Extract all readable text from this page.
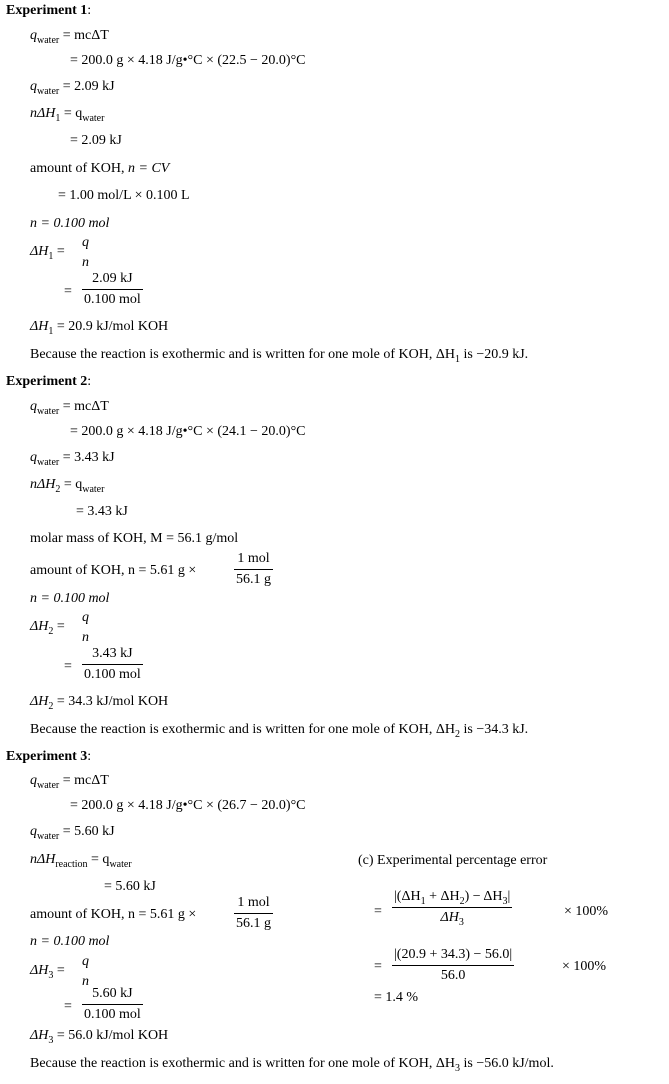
Experiment 1:
$q_{water} = mc\Delta T$
= 200.0 g × 4.18 J/g•°C × (22.5 − 20.0)°C
$q_{water} = 2.09$ kJ
$n\Delta H_1 = q_{water}$
= 2.09 kJ
amount of KOH, n = CV
= 1.00 mol/L × 0.100 L
n = 0.100 mol
$\Delta H_1$ =
q
n
=
2.09 kJ
0.100 mol
$\Delta H_1 = 20.9$ kJ/mol KOH
Because the reaction is exothermic and is written for one mole of KOH, $\Delta H_1$ is −20.9 kJ.
Experiment 2:
$q_{water} = mc\Delta T$
= 200.0 g × 4.18 J/g•°C × (24.1 − 20.0)°C
$q_{water} = 3.43$ kJ
$n\Delta H_2 = q_{water}$
= 3.43 kJ
molar mass of KOH, M = 56.1 g/mol
amount of KOH, n = 5.61 g ×
1 mol
56.1 g
n = 0.100 mol
$\Delta H_2$ =
q
n
=
3.43 kJ
0.100 mol
$\Delta H_2 = 34.3$ kJ/mol KOH
Because the reaction is exothermic and is written for one mole of KOH, $\Delta H_2$ is −34.3 kJ.
Experiment 3:
$q_{water} = mc\Delta T$
= 200.0 g × 4.18 J/g•°C × (26.7 − 20.0)°C
$q_{water} = 5.60$ kJ
$n\Delta H_{reaction} = q_{water}$
= 5.60 kJ
amount of KOH, n = 5.61 g ×
1 mol
56.1 g
n = 0.100 mol
$\Delta H_3$ =
q
n
=
5.60 kJ
0.100 mol
$\Delta H_3 = 56.0$ kJ/mol KOH
Because the reaction is exothermic and is written for one mole of KOH, $\Delta H_3$ is −56.0 kJ/mol.
(c) Experimental percentage error
= $\frac{|(\Delta H_1 + \Delta H_2) - \Delta H_3|}{\Delta H_3}$	× 100%
= $\frac{|(20.9 + 34.3) - 56.0|}{56.0}$	× 100%
= 1.4 %
